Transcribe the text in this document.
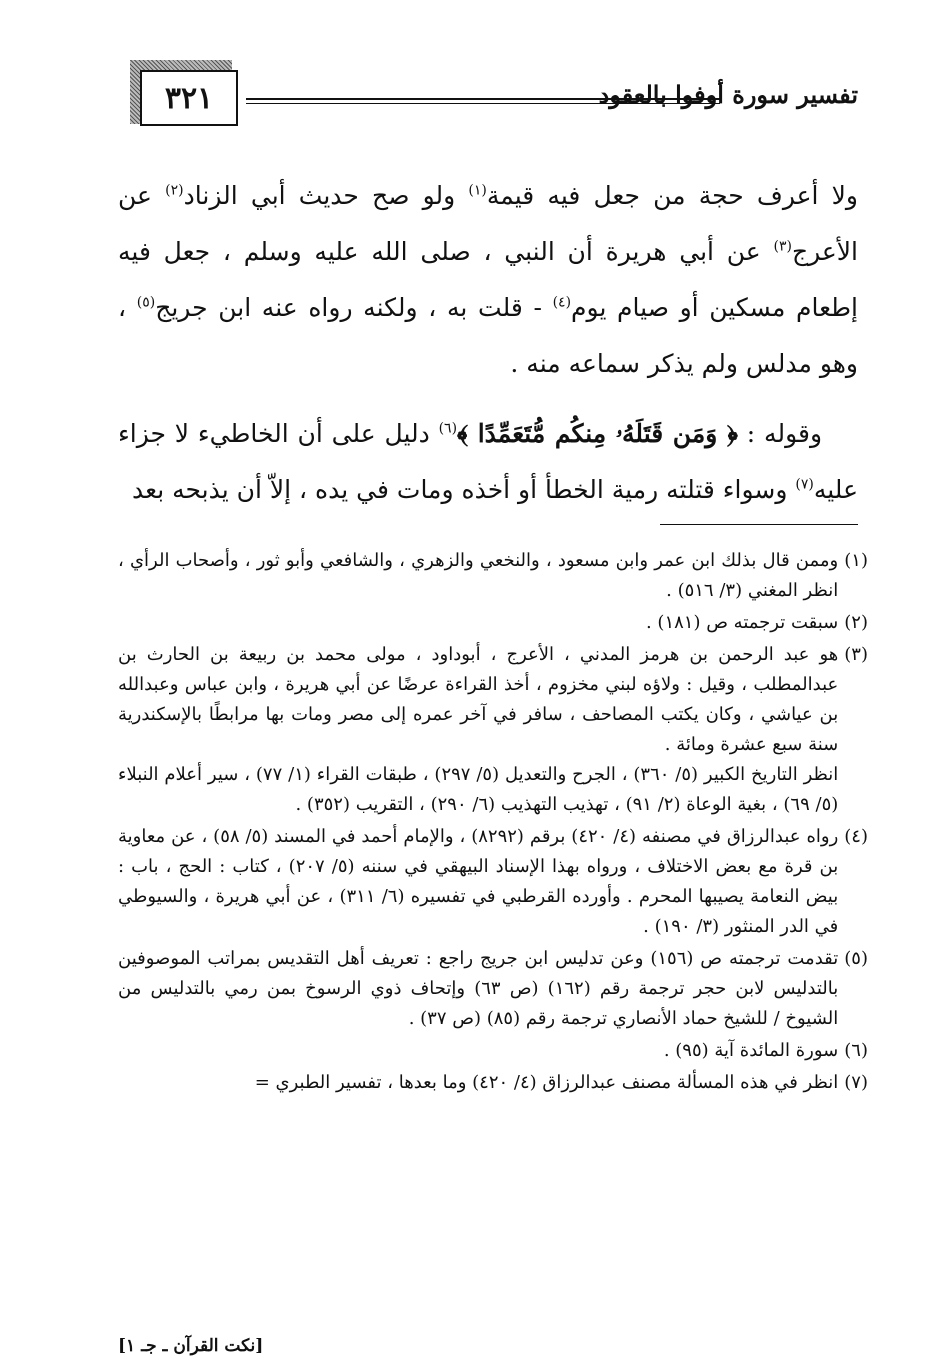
٣٢١	تفسير سورة أوفوا بالعقود

ولا أعرف حجة من جعل فيه قيمة$^{(١)}$ ولو صح حديث أبي الزناد$^{(٢)}$ عن الأعرج$^{(٣)}$ عن أبي هريرة أن النبي ، صلى الله عليه وسلم ، جعل فيه إطعام مسكين أو صيام يوم$^{(٤)}$ - قلت به ، ولكنه رواه عنه ابن جريج$^{(٥)}$ ، وهو مدلس ولم يذكر سماعه منه .

وقوله : ﴿ وَمَن قَتَلَهُۥ مِنكُم مُّتَعَمِّدًا ﴾$^{(٦)}$ دليل على أن الخاطيء لا جزاء عليه$^{(٧)}$ وسواء قتلته رمية الخطأ أو أخذه ومات في يده ، إلاّ أن يذبحه بعد

(١)
وممن قال بذلك ابن عمر وابن مسعود ، والنخعي والزهري ، والشافعي وأبو ثور ، وأصحاب الرأي ، انظر المغني (٣/ ٥١٦) .
(٢)
سبقت ترجمته ص (١٨١) .
(٣)
هو عبد الرحمن بن هرمز المدني ، الأعرج ، أبوداود ، مولى محمد بن ربيعة بن الحارث بن عبدالمطلب ، وقيل : ولاؤه لبني مخزوم ، أخذ القراءة عرضًا عن أبي هريرة ، وابن عباس وعبدالله بن عياشي ، وكان يكتب المصاحف ، سافر في آخر عمره إلى مصر ومات بها مرابطًا بالإسكندرية سنة سبع عشرة ومائة .
انظر التاريخ الكبير (٥/ ٣٦٠) ، الجرح والتعديل (٥/ ٢٩٧) ، طبقات القراء (١/ ٧٧) ، سير أعلام النبلاء (٥/ ٦٩) ، بغية الوعاة (٢/ ٩١) ، تهذيب التهذيب (٦/ ٢٩٠) ، التقريب (٣٥٢) .
(٤)
رواه عبدالرزاق في مصنفه (٤/ ٤٢٠) برقم (٨٢٩٢) ، والإمام أحمد في المسند (٥/ ٥٨) ، عن معاوية بن قرة مع بعض الاختلاف ، ورواه بهذا الإسناد البيهقي في سننه (٥/ ٢٠٧) ، كتاب : الحج ، باب : بيض النعامة يصيبها المحرم . وأورده القرطبي في تفسيره (٦/ ٣١١) ، عن أبي هريرة ، والسيوطي في الدر المنثور (٣/ ١٩٠) .
(٥)
تقدمت ترجمته ص (١٥٦) وعن تدليس ابن جريج راجع : تعريف أهل التقديس بمراتب الموصوفين بالتدليس لابن حجر ترجمة رقم (١٦٢) (ص ٦٣) وإتحاف ذوي الرسوخ بمن رمي بالتدليس من الشيوخ / للشيخ حماد الأنصاري ترجمة رقم (٨٥) (ص ٣٧) .
(٦)
سورة المائدة آية (٩٥) .
(٧)
انظر في هذه المسألة مصنف عبدالرزاق (٤/ ٤٢٠) وما بعدها ، تفسير الطبري =
[نكت القرآن ـ جـ ١]
